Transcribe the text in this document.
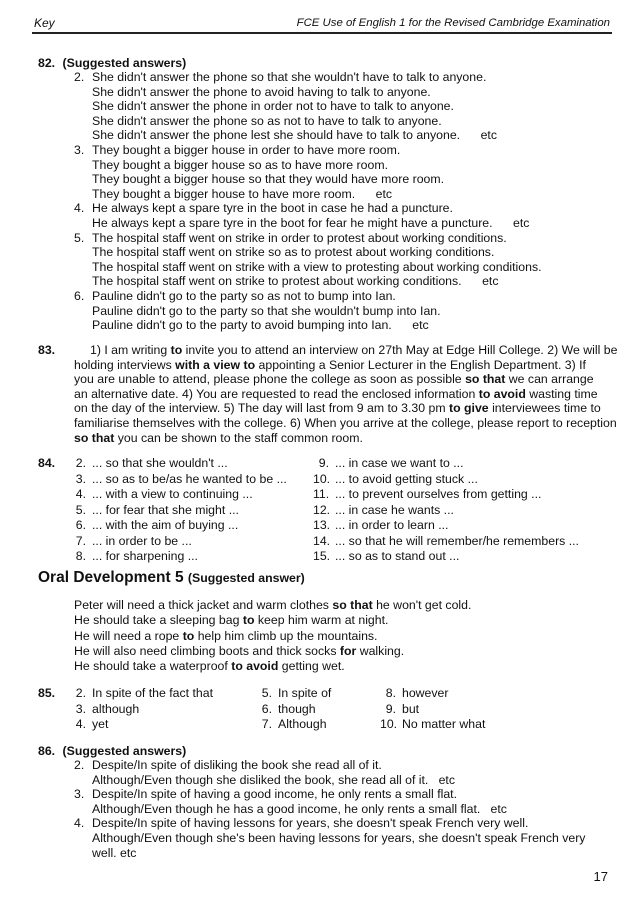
Key	FCE Use of English 1 for the Revised Cambridge Examination
82. (Suggested answers)
2. She didn't answer the phone so that she wouldn't have to talk to anyone.
She didn't answer the phone to avoid having to talk to anyone.
She didn't answer the phone in order not to have to talk to anyone.
She didn't answer the phone so as not to have to talk to anyone.
She didn't answer the phone lest she should have to talk to anyone.      etc
3. They bought a bigger house in order to have more room.
They bought a bigger house so as to have more room.
They bought a bigger house so that they would have more room.
They bought a bigger house to have more room.      etc
4. He always kept a spare tyre in the boot in case he had a puncture.
He always kept a spare tyre in the boot for fear he might have a puncture.      etc
5. The hospital staff went on strike in order to protest about working conditions.
The hospital staff went on strike so as to protest about working conditions.
The hospital staff went on strike with a view to protesting about working conditions.
The hospital staff went on strike to protest about working conditions.      etc
6. Pauline didn't go to the party so as not to bump into Ian.
Pauline didn't go to the party so that she wouldn't bump into Ian.
Pauline didn't go to the party to avoid bumping into Ian.      etc
83.	1) I am writing to invite you to attend an interview on 27th May at Edge Hill College. 2) We will be

holding interviews with a view to appointing a Senior Lecturer in the English Department. 3) If

you are unable to attend, please phone the college as soon as possible so that we can arrange

an alternative date. 4) You are requested to read the enclosed information to avoid wasting time

on the day of the interview. 5) The day will last from 9 am to 3.30 pm to give interviewees time to

familiarise themselves with the college. 6) When you arrive at the college, please report to reception

so that you can be shown to the staff common room.

84. 2. ... so that she wouldn't ...
3. ... so as to be/as he wanted to be ...
4. ... with a view to continuing ...
5. ... for fear that she might ...
6. ... with the aim of buying ...
7. ... in order to be ...
8. ... for sharpening ...
9. ... in case we want to ...
10. ... to avoid getting stuck ...
11. ... to prevent ourselves from getting ...
12. ... in case he wants ...
13. ... in order to learn ...
14. ... so that he will remember/he remembers ...
15. ... so as to stand out ...
Oral Development 5 (Suggested answer)

Peter will need a thick jacket and warm clothes so that he won't get cold.

He should take a sleeping bag to keep him warm at night.

He will need a rope to help him climb up the mountains.

He will also need climbing boots and thick socks for walking.

He should take a waterproof to avoid getting wet.

85. 2. In spite of the fact that
3. although
4. yet
5. In spite of
6. though
7. Although
8. however
9. but
10. No matter what
86. (Suggested answers)
2. Despite/In spite of disliking the book she read all of it.
Although/Even though she disliked the book, she read all of it.   etc
3. Despite/In spite of having a good income, he only rents a small flat.
Although/Even though he has a good income, he only rents a small flat.   etc
4. Despite/In spite of having lessons for years, she doesn't speak French very well.
Although/Even though she's been having lessons for years, she doesn't speak French very
well. etc
17
